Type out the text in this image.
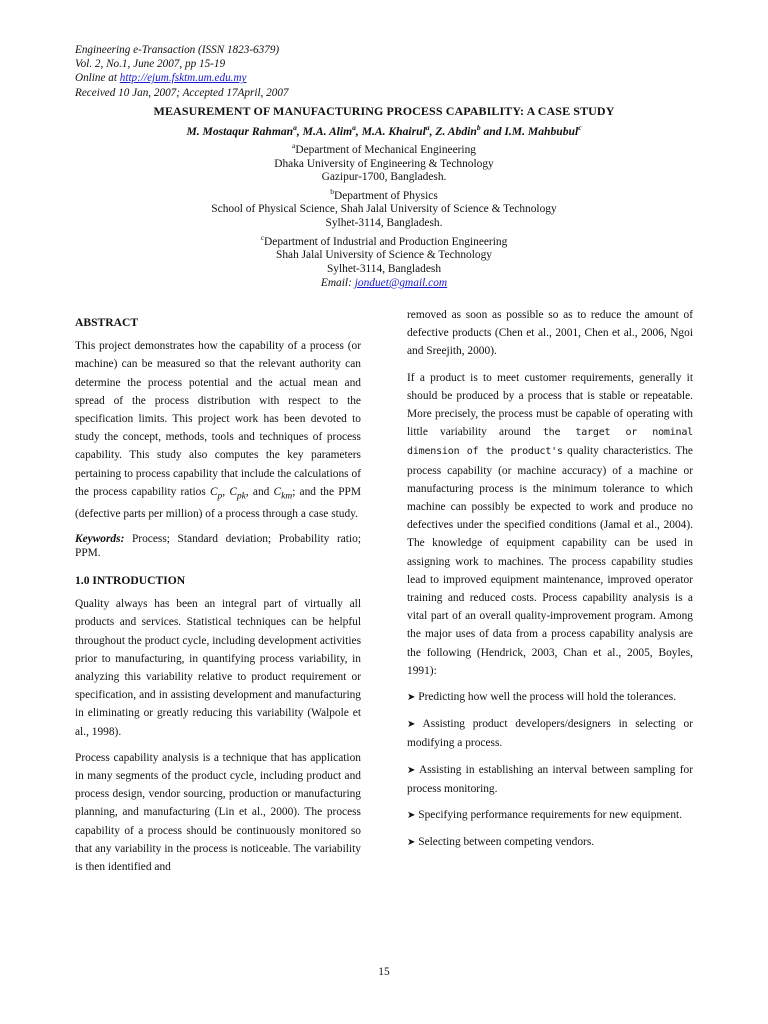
Engineering e-Transaction (ISSN 1823-6379)
Vol. 2, No.1, June 2007, pp 15-19
Online at http://ejum.fsktm.um.edu.my
Received 10 Jan, 2007; Accepted 17April, 2007
MEASUREMENT OF MANUFACTURING PROCESS CAPABILITY: A CASE STUDY
M. Mostaqur Rahman$^a$, M.A. Alim$^a$, M.A. Khairul$^a$, Z. Abdin$^b$ and I.M. Mahbubul$^c$
$^a$Department of Mechanical Engineering
Dhaka University of Engineering & Technology
Gazipur-1700, Bangladesh.
$^b$Department of Physics
School of Physical Science, Shah Jalal University of Science & Technology
Sylhet-3114, Bangladesh.
$^c$Department of Industrial and Production Engineering
Shah Jalal University of Science & Technology
Sylhet-3114, Bangladesh
Email: jonduet@gmail.com
ABSTRACT

This project demonstrates how the capability of a process (or machine) can be measured so that the relevant authority can determine the process potential and the actual mean and spread of the process distribution with respect to the specification limits. This project work has been devoted to study the concept, methods, tools and techniques of process capability. This study also computes the key parameters pertaining to process capability that include the calculations of the process capability ratios $C_p$, $C_{pk}$, and $C_{km}$; and the PPM (defective parts per million) of a process through a case study.

Keywords: Process; Standard deviation; Probability ratio; PPM.

1.0 INTRODUCTION

Quality always has been an integral part of virtually all products and services. Statistical techniques can be helpful throughout the product cycle, including development activities prior to manufacturing, in quantifying process variability, in analyzing this variability relative to product requirement or specification, and in assisting development and manufacturing in eliminating or greatly reducing this variability (Walpole et al., 1998).

Process capability analysis is a technique that has application in many segments of the product cycle, including product and process design, vendor sourcing, production or manufacturing planning, and manufacturing (Lin et al., 2000). The process capability of a process should be continuously monitored so that any variability in the process is noticeable. The variability is then identified and

removed as soon as possible so as to reduce the amount of defective products (Chen et al., 2001, Chen et al., 2006, Ngoi and Sreejith, 2000).

If a product is to meet customer requirements, generally it should be produced by a process that is stable or repeatable. More precisely, the process must be capable of operating with little variability around the target or nominal dimension of the product's quality characteristics. The process capability (or machine accuracy) of a machine or manufacturing process is the minimum tolerance to which machine can possibly be expected to work and produce no defectives under the specified conditions (Jamal et al., 2004). The knowledge of equipment capability can be used in assigning work to machines. The process capability studies lead to improved equipment maintenance, improved operator training and reduced costs. Process capability analysis is a vital part of an overall quality-improvement program. Among the major uses of data from a process capability analysis are the following (Hendrick, 2003, Chan et al., 2005, Boyles, 1991):

➤ Predicting how well the process will hold the tolerances.

➤ Assisting product developers/designers in selecting or modifying a process.

➤ Assisting in establishing an interval between sampling for process monitoring.

➤ Specifying performance requirements for new equipment.

➤ Selecting between competing vendors.

15
